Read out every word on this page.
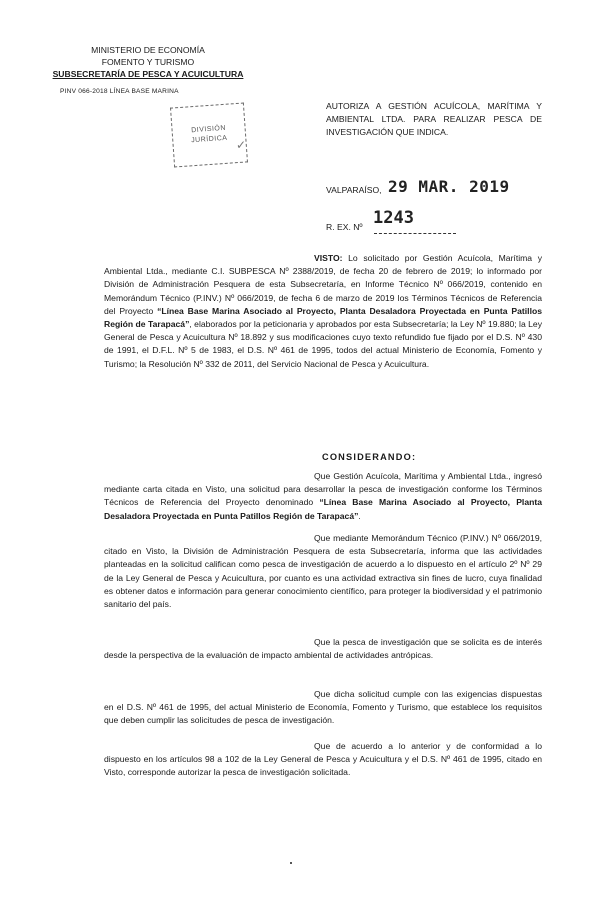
MINISTERIO DE ECONOMÍA
FOMENTO Y TURISMO
SUBSECRETARÍA DE PESCA Y ACUICULTURA
PINV 066-2018 LÍNEA BASE MARINA
DIVISIÓN
JURÍDICA ✓
AUTORIZA A GESTIÓN ACUÍCOLA, MARÍTIMA Y AMBIENTAL LTDA. PARA REALIZAR PESCA DE INVESTIGACIÓN QUE INDICA.
VALPARAÍSO, 29 MAR. 2019
R. EX. Nº 1243

VISTO: Lo solicitado por Gestión Acuícola, Marítima y Ambiental Ltda., mediante C.I. SUBPESCA Nº 2388/2019, de fecha 20 de febrero de 2019; lo informado por División de Administración Pesquera de esta Subsecretaría, en Informe Técnico Nº 066/2019, contenido en Memorándum Técnico (P.INV.) Nº 066/2019, de fecha 6 de marzo de 2019 los Términos Técnicos de Referencia del Proyecto “Línea Base Marina Asociado al Proyecto, Planta Desaladora Proyectada en Punta Patillos Región de Tarapacá”, elaborados por la peticionaria y aprobados por esta Subsecretaría; la Ley Nº 19.880; la Ley General de Pesca y Acuicultura Nº 18.892 y sus modificaciones cuyo texto refundido fue fijado por el D.S. Nº 430 de 1991, el D.F.L. Nº 5 de 1983, el D.S. Nº 461 de 1995, todos del actual Ministerio de Economía, Fomento y Turismo; la Resolución Nº 332 de 2011, del Servicio Nacional de Pesca y Acuicultura.

CONSIDERANDO:

Que Gestión Acuícola, Marítima y Ambiental Ltda., ingresó mediante carta citada en Visto, una solicitud para desarrollar la pesca de investigación conforme los Términos Técnicos de Referencia del Proyecto denominado “Línea Base Marina Asociado al Proyecto, Planta Desaladora Proyectada en Punta Patillos Región de Tarapacá”.

Que mediante Memorándum Técnico (P.INV.) Nº 066/2019, citado en Visto, la División de Administración Pesquera de esta Subsecretaría, informa que las actividades planteadas en la solicitud califican como pesca de investigación de acuerdo a lo dispuesto en el artículo 2º Nº 29 de la Ley General de Pesca y Acuicultura, por cuanto es una actividad extractiva sin fines de lucro, cuya finalidad es obtener datos e información para generar conocimiento científico, para proteger la biodiversidad y el patrimonio sanitario del país.

Que la pesca de investigación que se solicita es de interés desde la perspectiva de la evaluación de impacto ambiental de actividades antrópicas.

Que dicha solicitud cumple con las exigencias dispuestas en el D.S. Nº 461 de 1995, del actual Ministerio de Economía, Fomento y Turismo, que establece los requisitos que deben cumplir las solicitudes de pesca de investigación.

Que de acuerdo a lo anterior y de conformidad a lo dispuesto en los artículos 98 a 102 de la Ley General de Pesca y Acuicultura y el D.S. Nº 461 de 1995, citado en Visto, corresponde autorizar la pesca de investigación solicitada.
